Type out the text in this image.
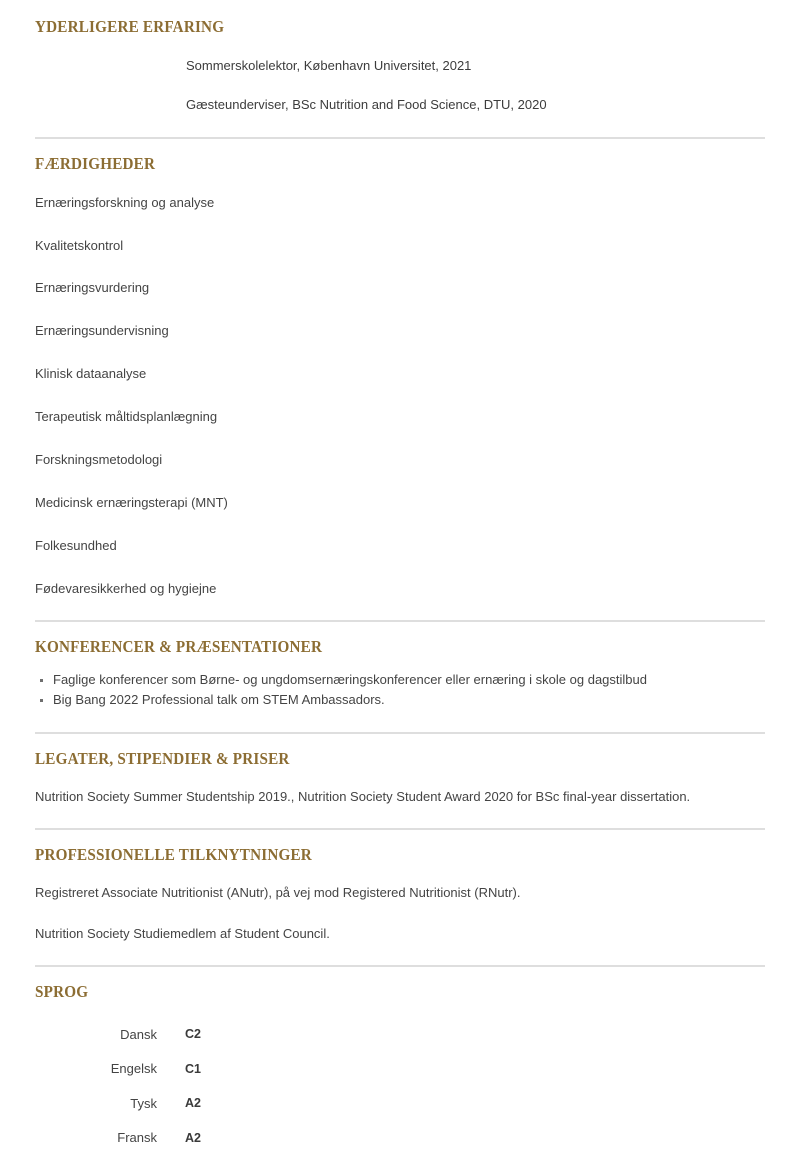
YDERLIGERE ERFARING
Sommerskolelektor, København Universitet, 2021
Gæsteunderviser, BSc Nutrition and Food Science, DTU, 2020
FÆRDIGHEDER
Ernæringsforskning og analyse
Kvalitetskontrol
Ernæringsvurdering
Ernæringsundervisning
Klinisk dataanalyse
Terapeutisk måltidsplanlægning
Forskningsmetodologi
Medicinsk ernæringsterapi (MNT)
Folkesundhed
Fødevaresikkerhed og hygiejne
KONFERENCER & PRÆSENTATIONER
Faglige konferencer som Børne- og ungdomsernæringskonferencer eller ernæring i skole og dagstilbud
Big Bang 2022 Professional talk om STEM Ambassadors.
LEGATER, STIPENDIER & PRISER

Nutrition Society Summer Studentship 2019., Nutrition Society Student Award 2020 for BSc final-year dissertation.

PROFESSIONELLE TILKNYTNINGER

Registreret Associate Nutritionist (ANutr), på vej mod Registered Nutritionist (RNutr).

Nutrition Society Studiemedlem af Student Council.

SPROG
Dansk	C2
Engelsk	C1
Tysk	A2
Fransk	A2
